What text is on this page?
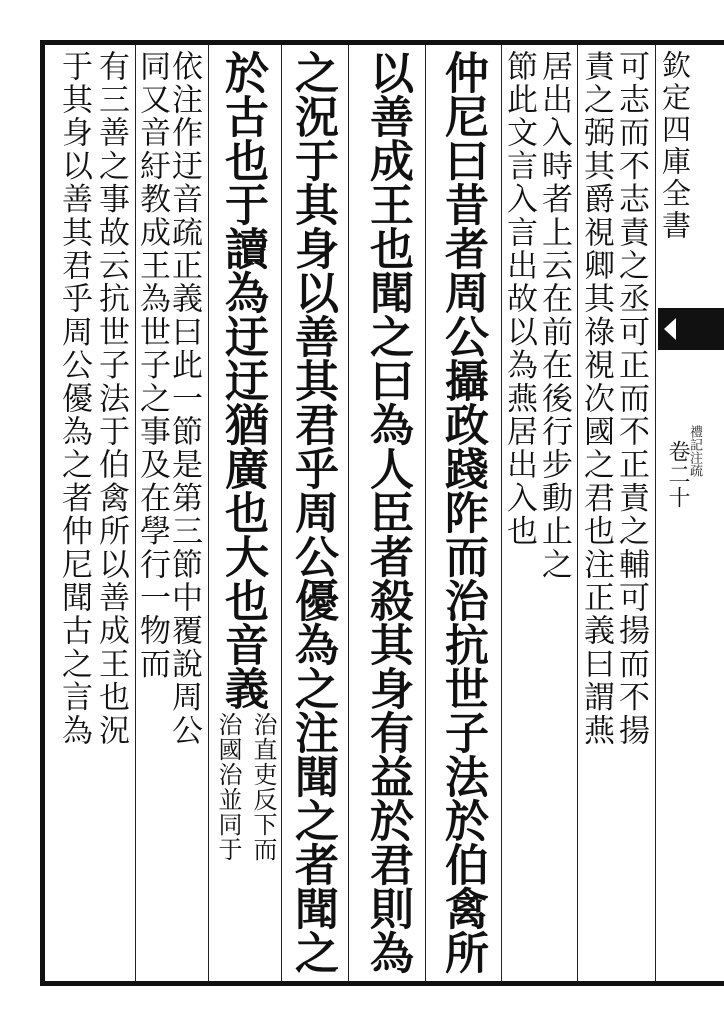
可志而不志責之丞可正而不正責之輔可揚而不揚
責之弼其爵視卿其祿視次國之君也注正義曰謂燕
居出入時者上云在前在後行步動止之
節此文言入言出故以為燕居出入也
仲尼曰昔者周公攝政踐阼而治抗世子法於伯禽所
以善成王也聞之曰為人臣者殺其身有益於君則為
之況于其身以善其君乎周公優為之注聞之者聞之
於古也于讀為迂迂猶廣也大也音義
治直吏反下而
治國治並同于
依注作迂音疏正義曰此一節是第三節中覆說周公
同又音紆教成王為世子之事及在學行一物而
有三善之事故云抗世子法于伯禽所以善成王也況
于其身以善其君乎周公優為之者仲尼聞古之言為	欽定四庫全書
禮記注疏
卷二十
